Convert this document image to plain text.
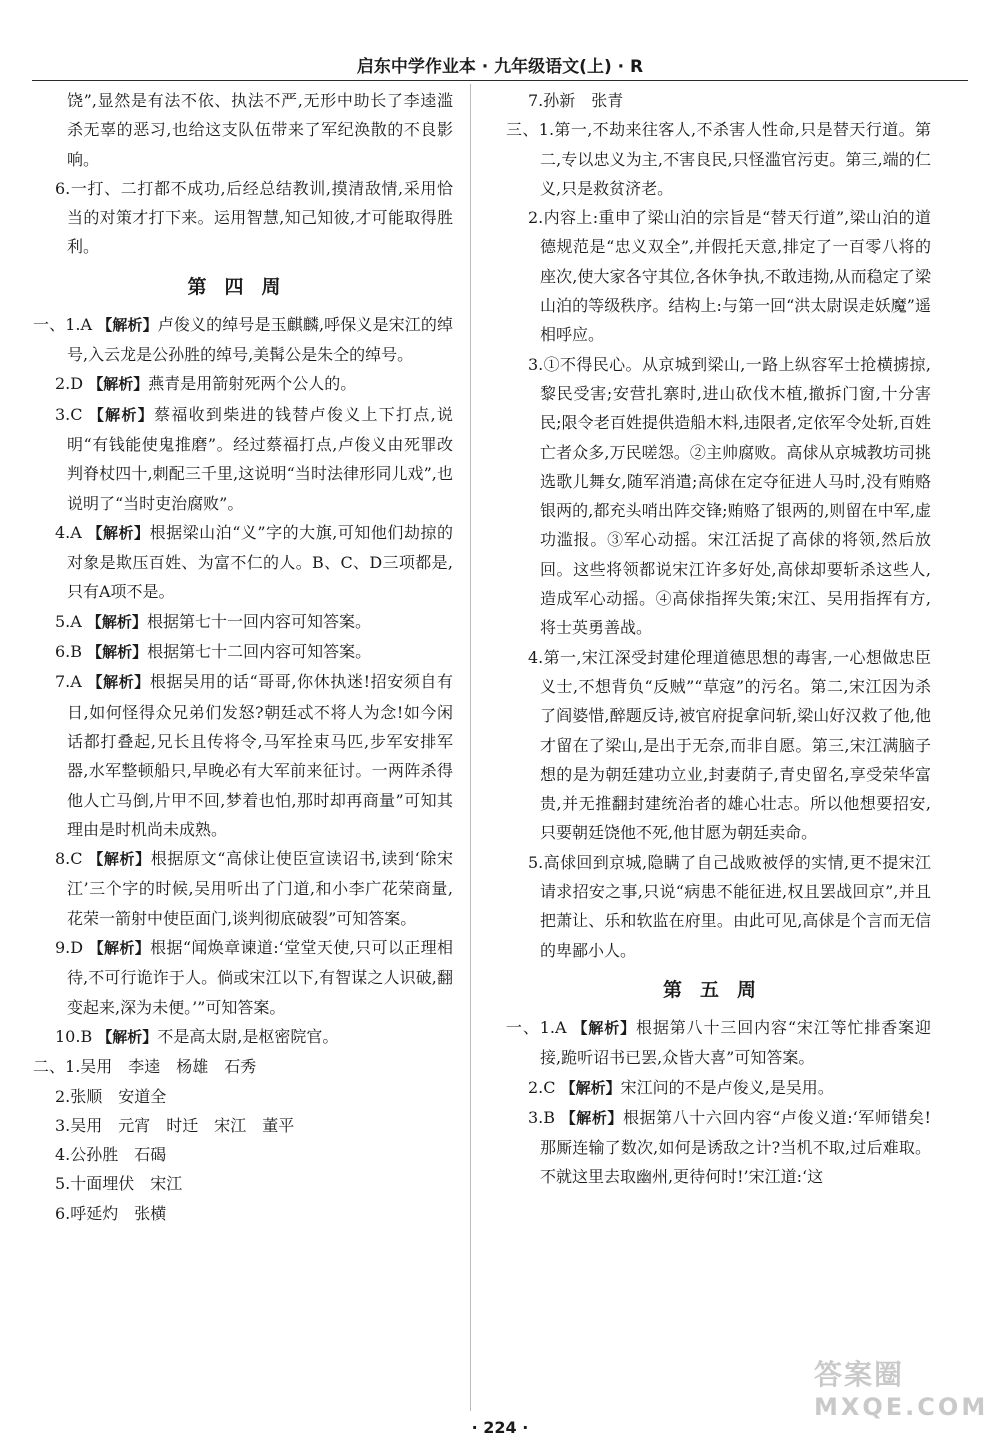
启东中学作业本 · 九年级语文(上) · R

饶”,显然是有法不依、执法不严,无形中助长了李逵滥杀无辜的恶习,也给这支队伍带来了军纪涣散的不良影响。

6.一打、二打都不成功,后经总结教训,摸清敌情,采用恰当的对策才打下来。运用智慧,知己知彼,才可能取得胜利。

第四周

一、1.A 【解析】卢俊义的绰号是玉麒麟,呼保义是宋江的绰号,入云龙是公孙胜的绰号,美髯公是朱仝的绰号。

2.D 【解析】燕青是用箭射死两个公人的。

3.C 【解析】蔡福收到柴进的钱替卢俊义上下打点,说明“有钱能使鬼推磨”。经过蔡福打点,卢俊义由死罪改判脊杖四十,刺配三千里,这说明“当时法律形同儿戏”,也说明了“当时吏治腐败”。

4.A 【解析】根据梁山泊“义”字的大旗,可知他们劫掠的对象是欺压百姓、为富不仁的人。B、C、D三项都是,只有A项不是。

5.A 【解析】根据第七十一回内容可知答案。

6.B 【解析】根据第七十二回内容可知答案。

7.A 【解析】根据吴用的话“哥哥,你休执迷!招安须自有日,如何怪得众兄弟们发怒?朝廷忒不将人为念!如今闲话都打叠起,兄长且传将令,马军拴束马匹,步军安排军器,水军整顿船只,早晚必有大军前来征讨。一两阵杀得他人亡马倒,片甲不回,梦着也怕,那时却再商量”可知其理由是时机尚未成熟。

8.C 【解析】根据原文“高俅让使臣宣读诏书,读到‘除宋江’三个字的时候,吴用听出了门道,和小李广花荣商量,花荣一箭射中使臣面门,谈判彻底破裂”可知答案。

9.D 【解析】根据“闻焕章谏道:‘堂堂天使,只可以正理相待,不可行诡诈于人。倘或宋江以下,有智谋之人识破,翻变起来,深为未便。’”可知答案。

10.B 【解析】不是高太尉,是枢密院官。

二、1.吴用　李逵　杨雄　石秀

2.张顺　安道全

3.吴用　元宵　时迁　宋江　董平

4.公孙胜　石碣

5.十面埋伏　宋江

6.呼延灼　张横

7.孙新　张青

三、1.第一,不劫来往客人,不杀害人性命,只是替天行道。第二,专以忠义为主,不害良民,只怪滥官污吏。第三,端的仁义,只是救贫济老。

2.内容上:重申了梁山泊的宗旨是“替天行道”,梁山泊的道德规范是“忠义双全”,并假托天意,排定了一百零八将的座次,使大家各守其位,各休争执,不敢违拗,从而稳定了梁山泊的等级秩序。结构上:与第一回“洪太尉误走妖魔”遥相呼应。

3.①不得民心。从京城到梁山,一路上纵容军士抢横掳掠,黎民受害;安营扎寨时,进山砍伐木植,撤拆门窗,十分害民;限令老百姓提供造船木料,违限者,定依军令处斩,百姓亡者众多,万民嗟怨。②主帅腐败。高俅从京城教坊司挑选歌儿舞女,随军消遣;高俅在定夺征进人马时,没有贿赂银两的,都充头哨出阵交锋;贿赂了银两的,则留在中军,虚功滥报。③军心动摇。宋江活捉了高俅的将领,然后放回。这些将领都说宋江许多好处,高俅却要斩杀这些人,造成军心动摇。④高俅指挥失策;宋江、吴用指挥有方,将士英勇善战。

4.第一,宋江深受封建伦理道德思想的毒害,一心想做忠臣义士,不想背负“反贼”“草寇”的污名。第二,宋江因为杀了阎婆惜,醉题反诗,被官府捉拿问斩,梁山好汉救了他,他才留在了梁山,是出于无奈,而非自愿。第三,宋江满脑子想的是为朝廷建功立业,封妻荫子,青史留名,享受荣华富贵,并无推翻封建统治者的雄心壮志。所以他想要招安,只要朝廷饶他不死,他甘愿为朝廷卖命。

5.高俅回到京城,隐瞒了自己战败被俘的实情,更不提宋江请求招安之事,只说“病患不能征进,权且罢战回京”,并且把萧让、乐和软监在府里。由此可见,高俅是个言而无信的卑鄙小人。

第五周

一、1.A 【解析】根据第八十三回内容“宋江等忙排香案迎接,跪听诏书已罢,众皆大喜”可知答案。

2.C 【解析】宋江问的不是卢俊义,是吴用。

3.B 【解析】根据第八十六回内容“卢俊义道:‘军师错矣!那厮连输了数次,如何是诱敌之计?当机不取,过后难取。不就这里去取幽州,更待何时!’宋江道:‘这

· 224 ·
答案圈
MXQE.COM
